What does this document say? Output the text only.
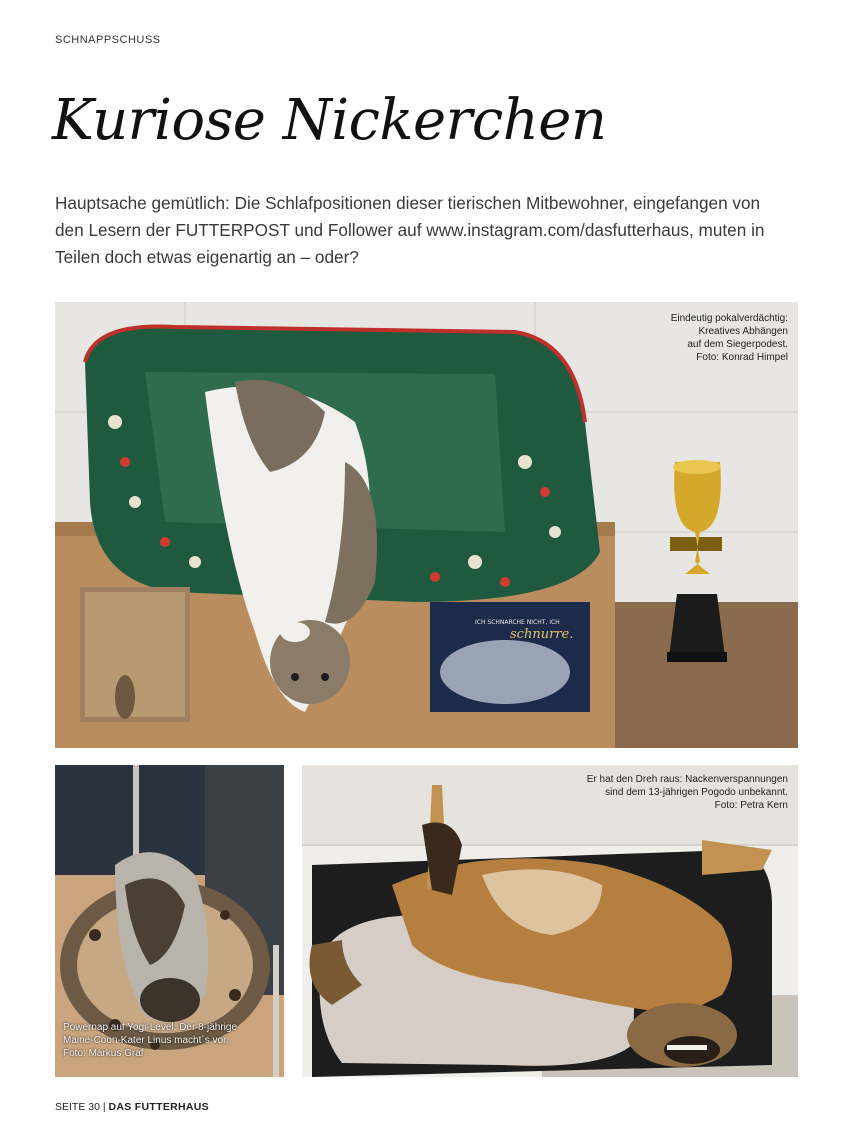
SCHNAPPSCHUSS
Kuriose Nickerchen

Hauptsache gemütlich: Die Schlafpositionen dieser tierischen Mitbewohner, eingefangen von den Lesern der FUTTERPOST und Follower auf www.instagram.com/dasfutterhaus, muten in Teilen doch etwas eigenartig an – oder?

ICH SCHNARCHE NICHT, ICH
schnurre.
Eindeutig pokalverdächtig:
Kreatives Abhängen
auf dem Siegerpodest.
Foto: Konrad Himpel
Powernap auf Yogi-Level: Der 8-jährige
Maine-Coon-Kater Linus macht´s vor.
Foto: Markus Graf
Er hat den Dreh raus: Nackenverspannungen
sind dem 13-jährigen Pogodo unbekannt.
Foto: Petra Kern
SEITE 30 | DAS FUTTERHAUS
